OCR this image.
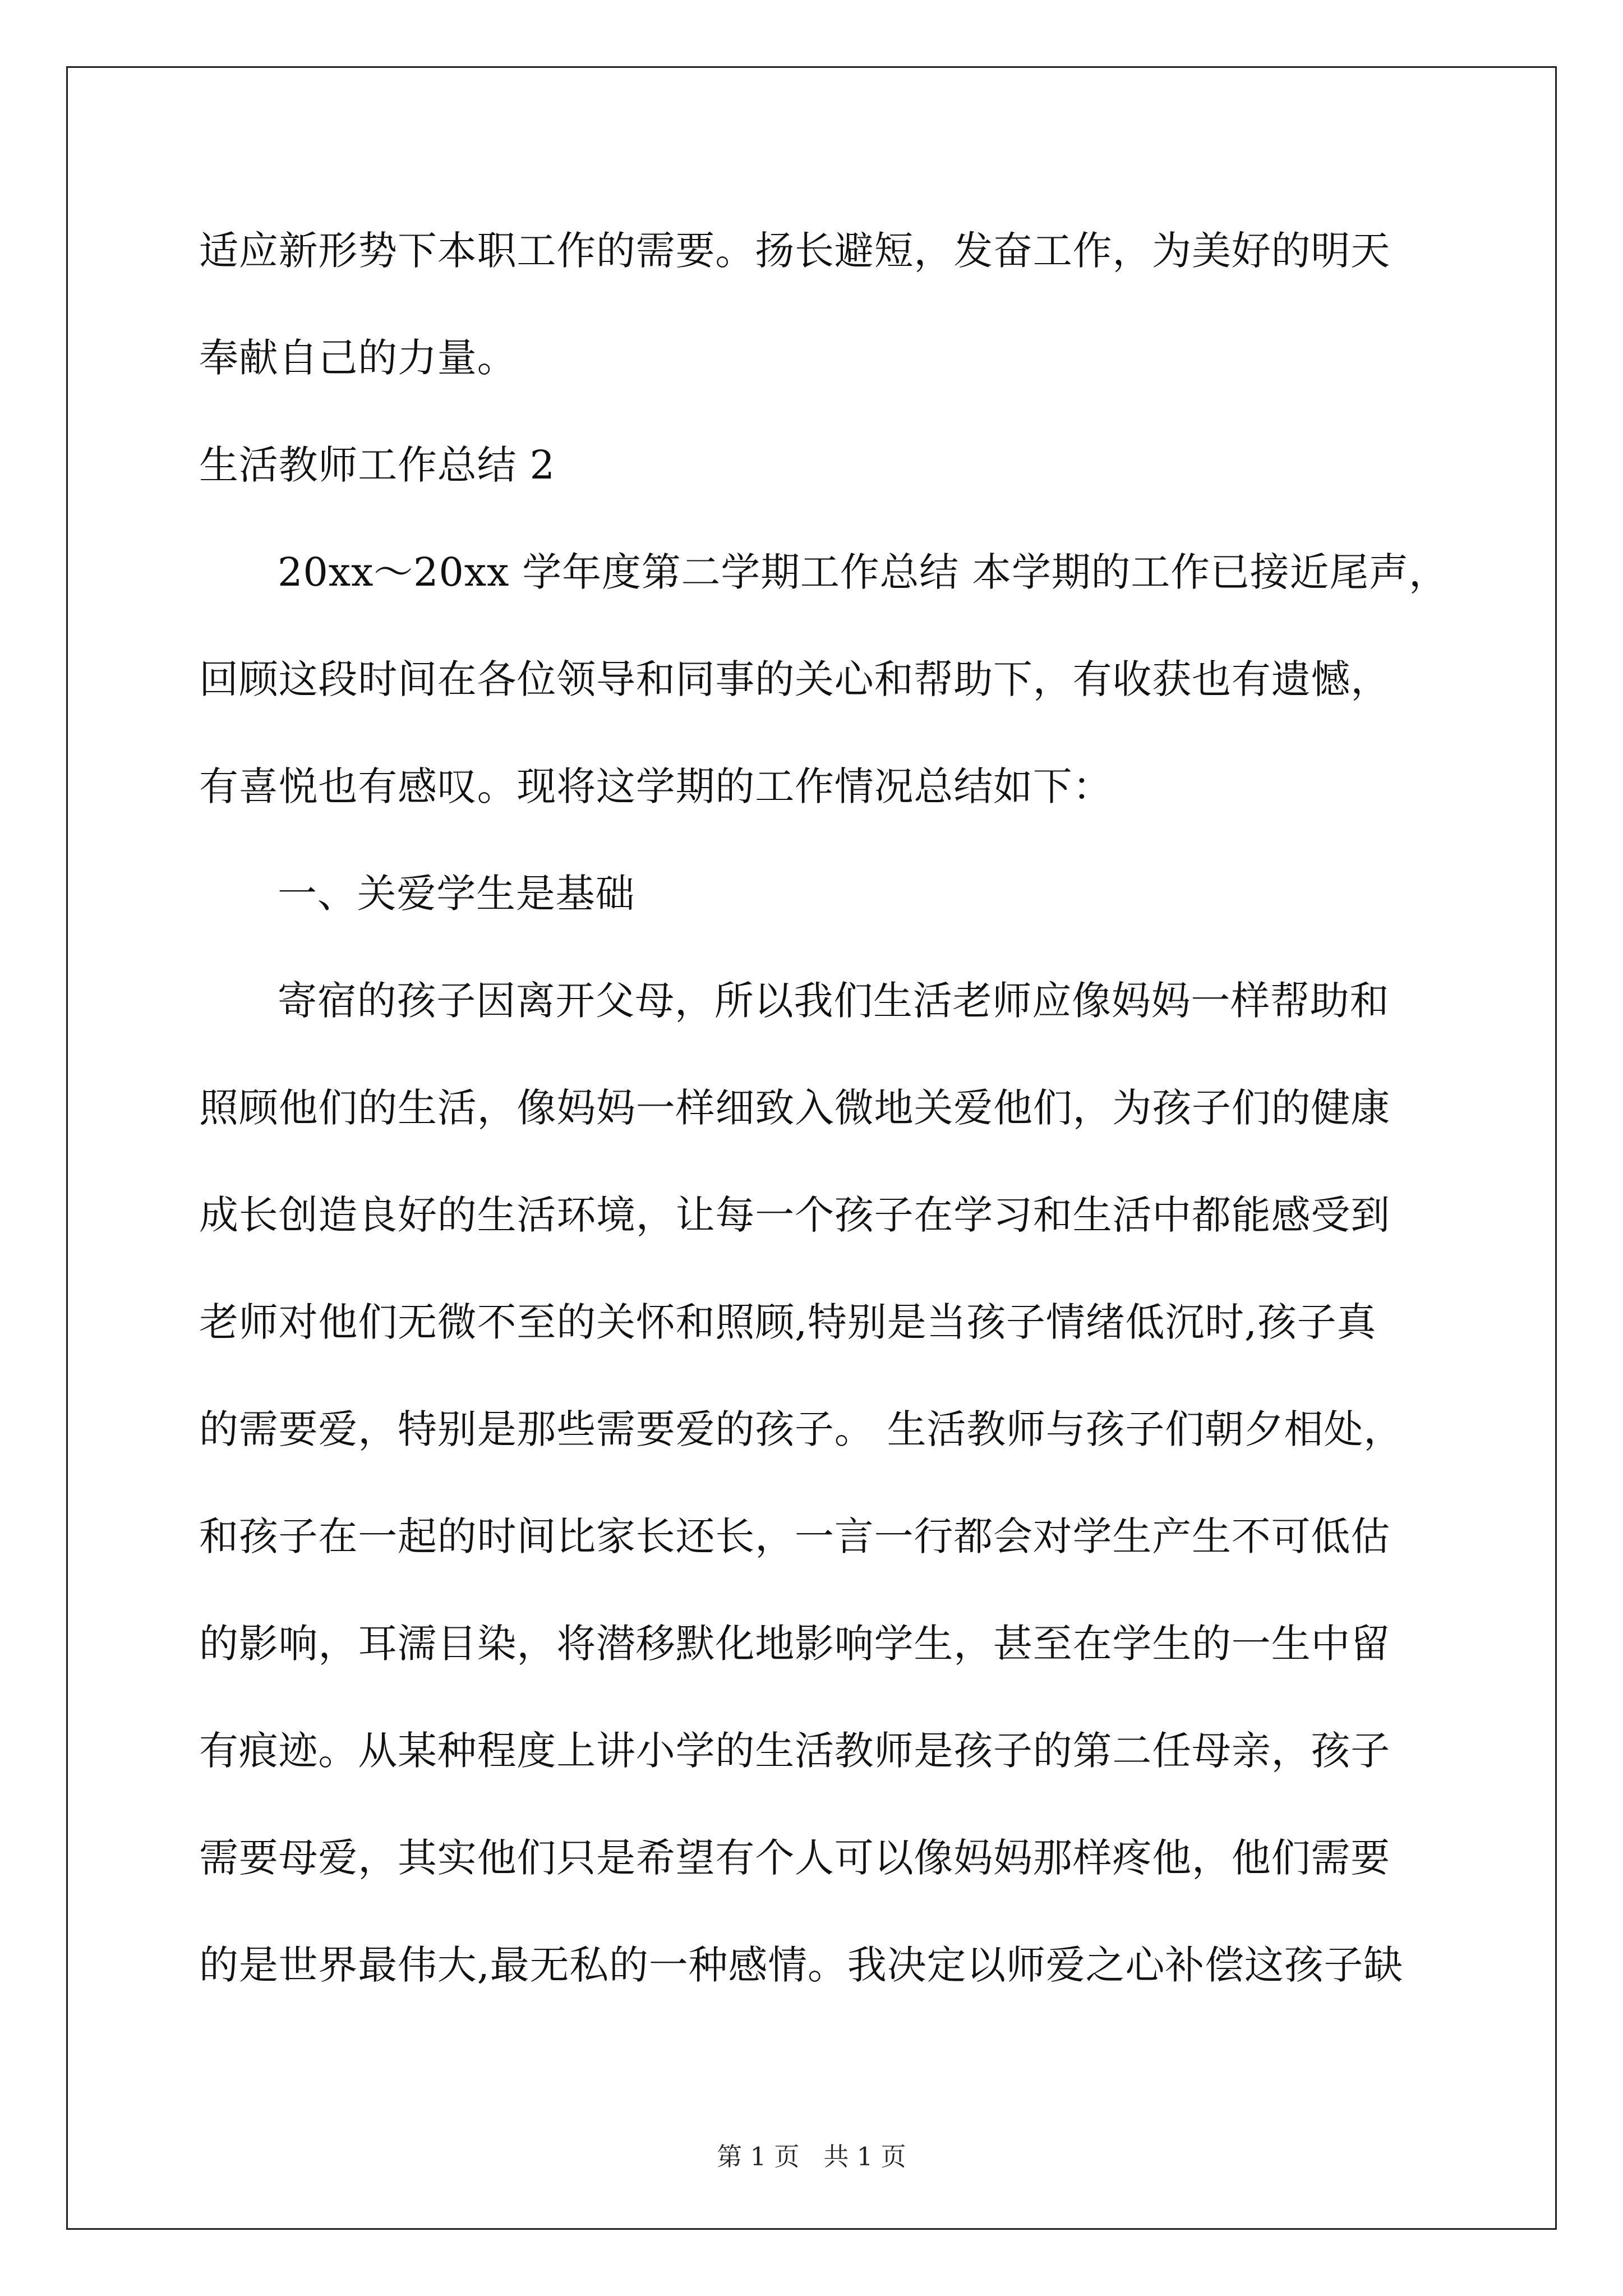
适应新形势下本职工作的需要。扬长避短，发奋工作，为美好的明天
奉献自己的力量。
生活教师工作总结 2
20xx～20xx 学年度第二学期工作总结 本学期的工作已接近尾声，
回顾这段时间在各位领导和同事的关心和帮助下，有收获也有遗憾，
有喜悦也有感叹。现将这学期的工作情况总结如下：
一、关爱学生是基础
寄宿的孩子因离开父母，所以我们生活老师应像妈妈一样帮助和
照顾他们的生活，像妈妈一样细致入微地关爱他们，为孩子们的健康
成长创造良好的生活环境，让每一个孩子在学习和生活中都能感受到
老师对他们无微不至的关怀和照顾,特别是当孩子情绪低沉时,孩子真
的需要爱，特别是那些需要爱的孩子。 生活教师与孩子们朝夕相处，
和孩子在一起的时间比家长还长，一言一行都会对学生产生不可低估
的影响，耳濡目染，将潜移默化地影响学生，甚至在学生的一生中留
有痕迹。从某种程度上讲小学的生活教师是孩子的第二任母亲，孩子
需要母爱，其实他们只是希望有个人可以像妈妈那样疼他，他们需要
的是世界最伟大,最无私的一种感情。我决定以师爱之心补偿这孩子缺
第 1 页   共 1 页
